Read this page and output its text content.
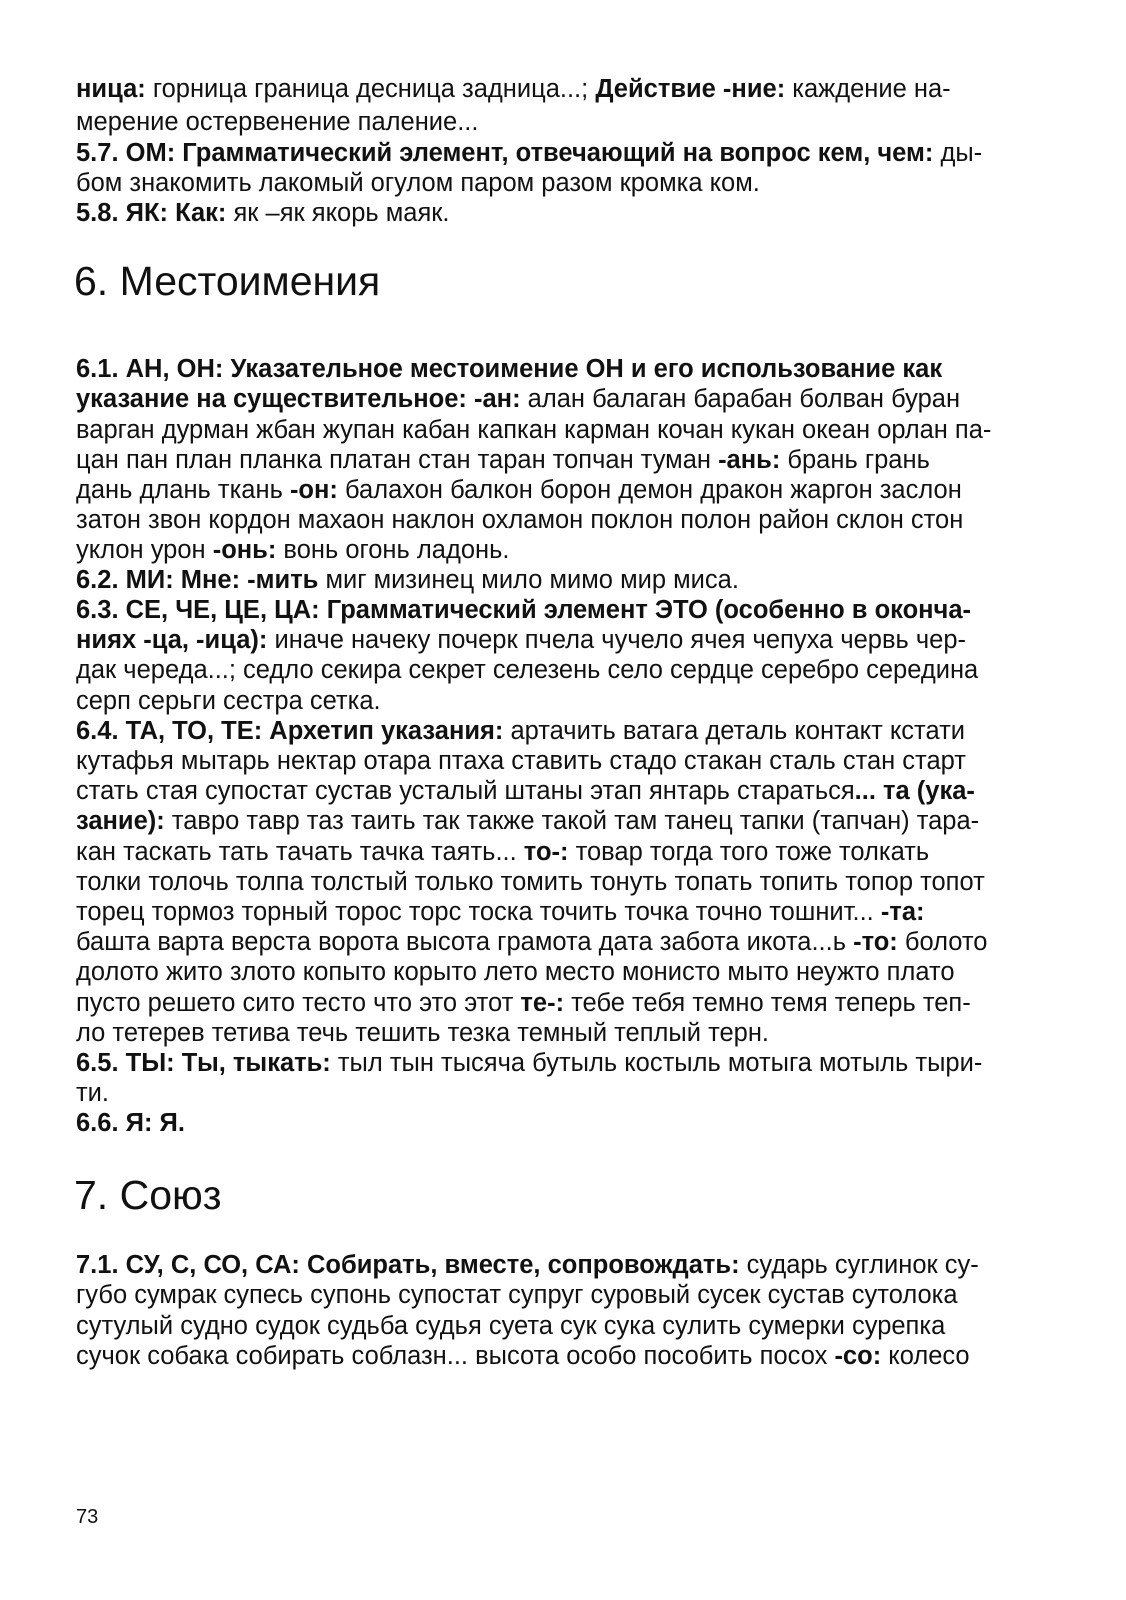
ница: горница граница десница задница...; Действие -ние: каждение на-
мерение остервенение паление...
5.7. ОМ: Грамматический элемент, отвечающий на вопрос кем, чем: ды-
бом знакомить лакомый огулом паром разом кромка ком.
5.8. ЯК: Как: як –як якорь маяк.
6. Местоимения
6.1. АН, ОН: Указательное местоимение ОН и его использование как
указание на существительное: -ан: алан балаган барабан болван буран
варган дурман жбан жупан кабан капкан карман кочан кукан океан орлан па-
цан пан план планка платан стан таран топчан туман -ань: брань грань
дань длань ткань -он: балахон балкон борон демон дракон жаргон заслон
затон звон кордон махаон наклон охламон поклон полон район склон стон
уклон урон -онь: вонь огонь ладонь.
6.2. МИ: Мне: -мить миг мизинец мило мимо мир миса.
6.3. СЕ, ЧЕ, ЦЕ, ЦА: Грамматический элемент ЭТО (особенно в оконча-
ниях -ца, -ица): иначе начеку почерк пчела чучело ячея чепуха червь чер-
дак череда...; седло секира секрет селезень село сердце серебро середина
серп серьги сестра сетка.
6.4. ТА, ТО, ТЕ: Архетип указания: артачить ватага деталь контакт кстати
кутафья мытарь нектар отара птаха ставить стадо стакан сталь стан старт
стать стая супостат сустав усталый штаны этап янтарь стараться... та (ука-
зание): тавро тавр таз таить так также такой там танец тапки (тапчан) тара-
кан таскать тать тачать тачка таять... то-: товар тогда того тоже толкать
толки толочь толпа толстый только томить тонуть топать топить топор топот
торец тормоз торный торос торс тоска точить точка точно тошнит... -та:
башта варта верста ворота высота грамота дата забота икота...ь -то: болото
долото жито злото копыто корыто лето место монисто мыто неужто плато
пусто решето сито тесто что это этот те-: тебе тебя темно темя теперь теп-
ло тетерев тетива течь тешить тезка темный теплый терн.
6.5. ТЫ: Ты, тыкать: тыл тын тысяча бутыль костыль мотыга мотыль тыри-
ти.
6.6. Я: Я.
7. Союз
7.1. СУ, С, СО, СА: Собирать, вместе, сопровождать: сударь суглинок су-
губо сумрак супесь супонь супостат супруг суровый сусек сустав сутолока
сутулый судно судок судьба судья суета сук сука сулить сумерки сурепка
сучок собака собирать соблазн... высота особо пособить посох -со: колесо
73
